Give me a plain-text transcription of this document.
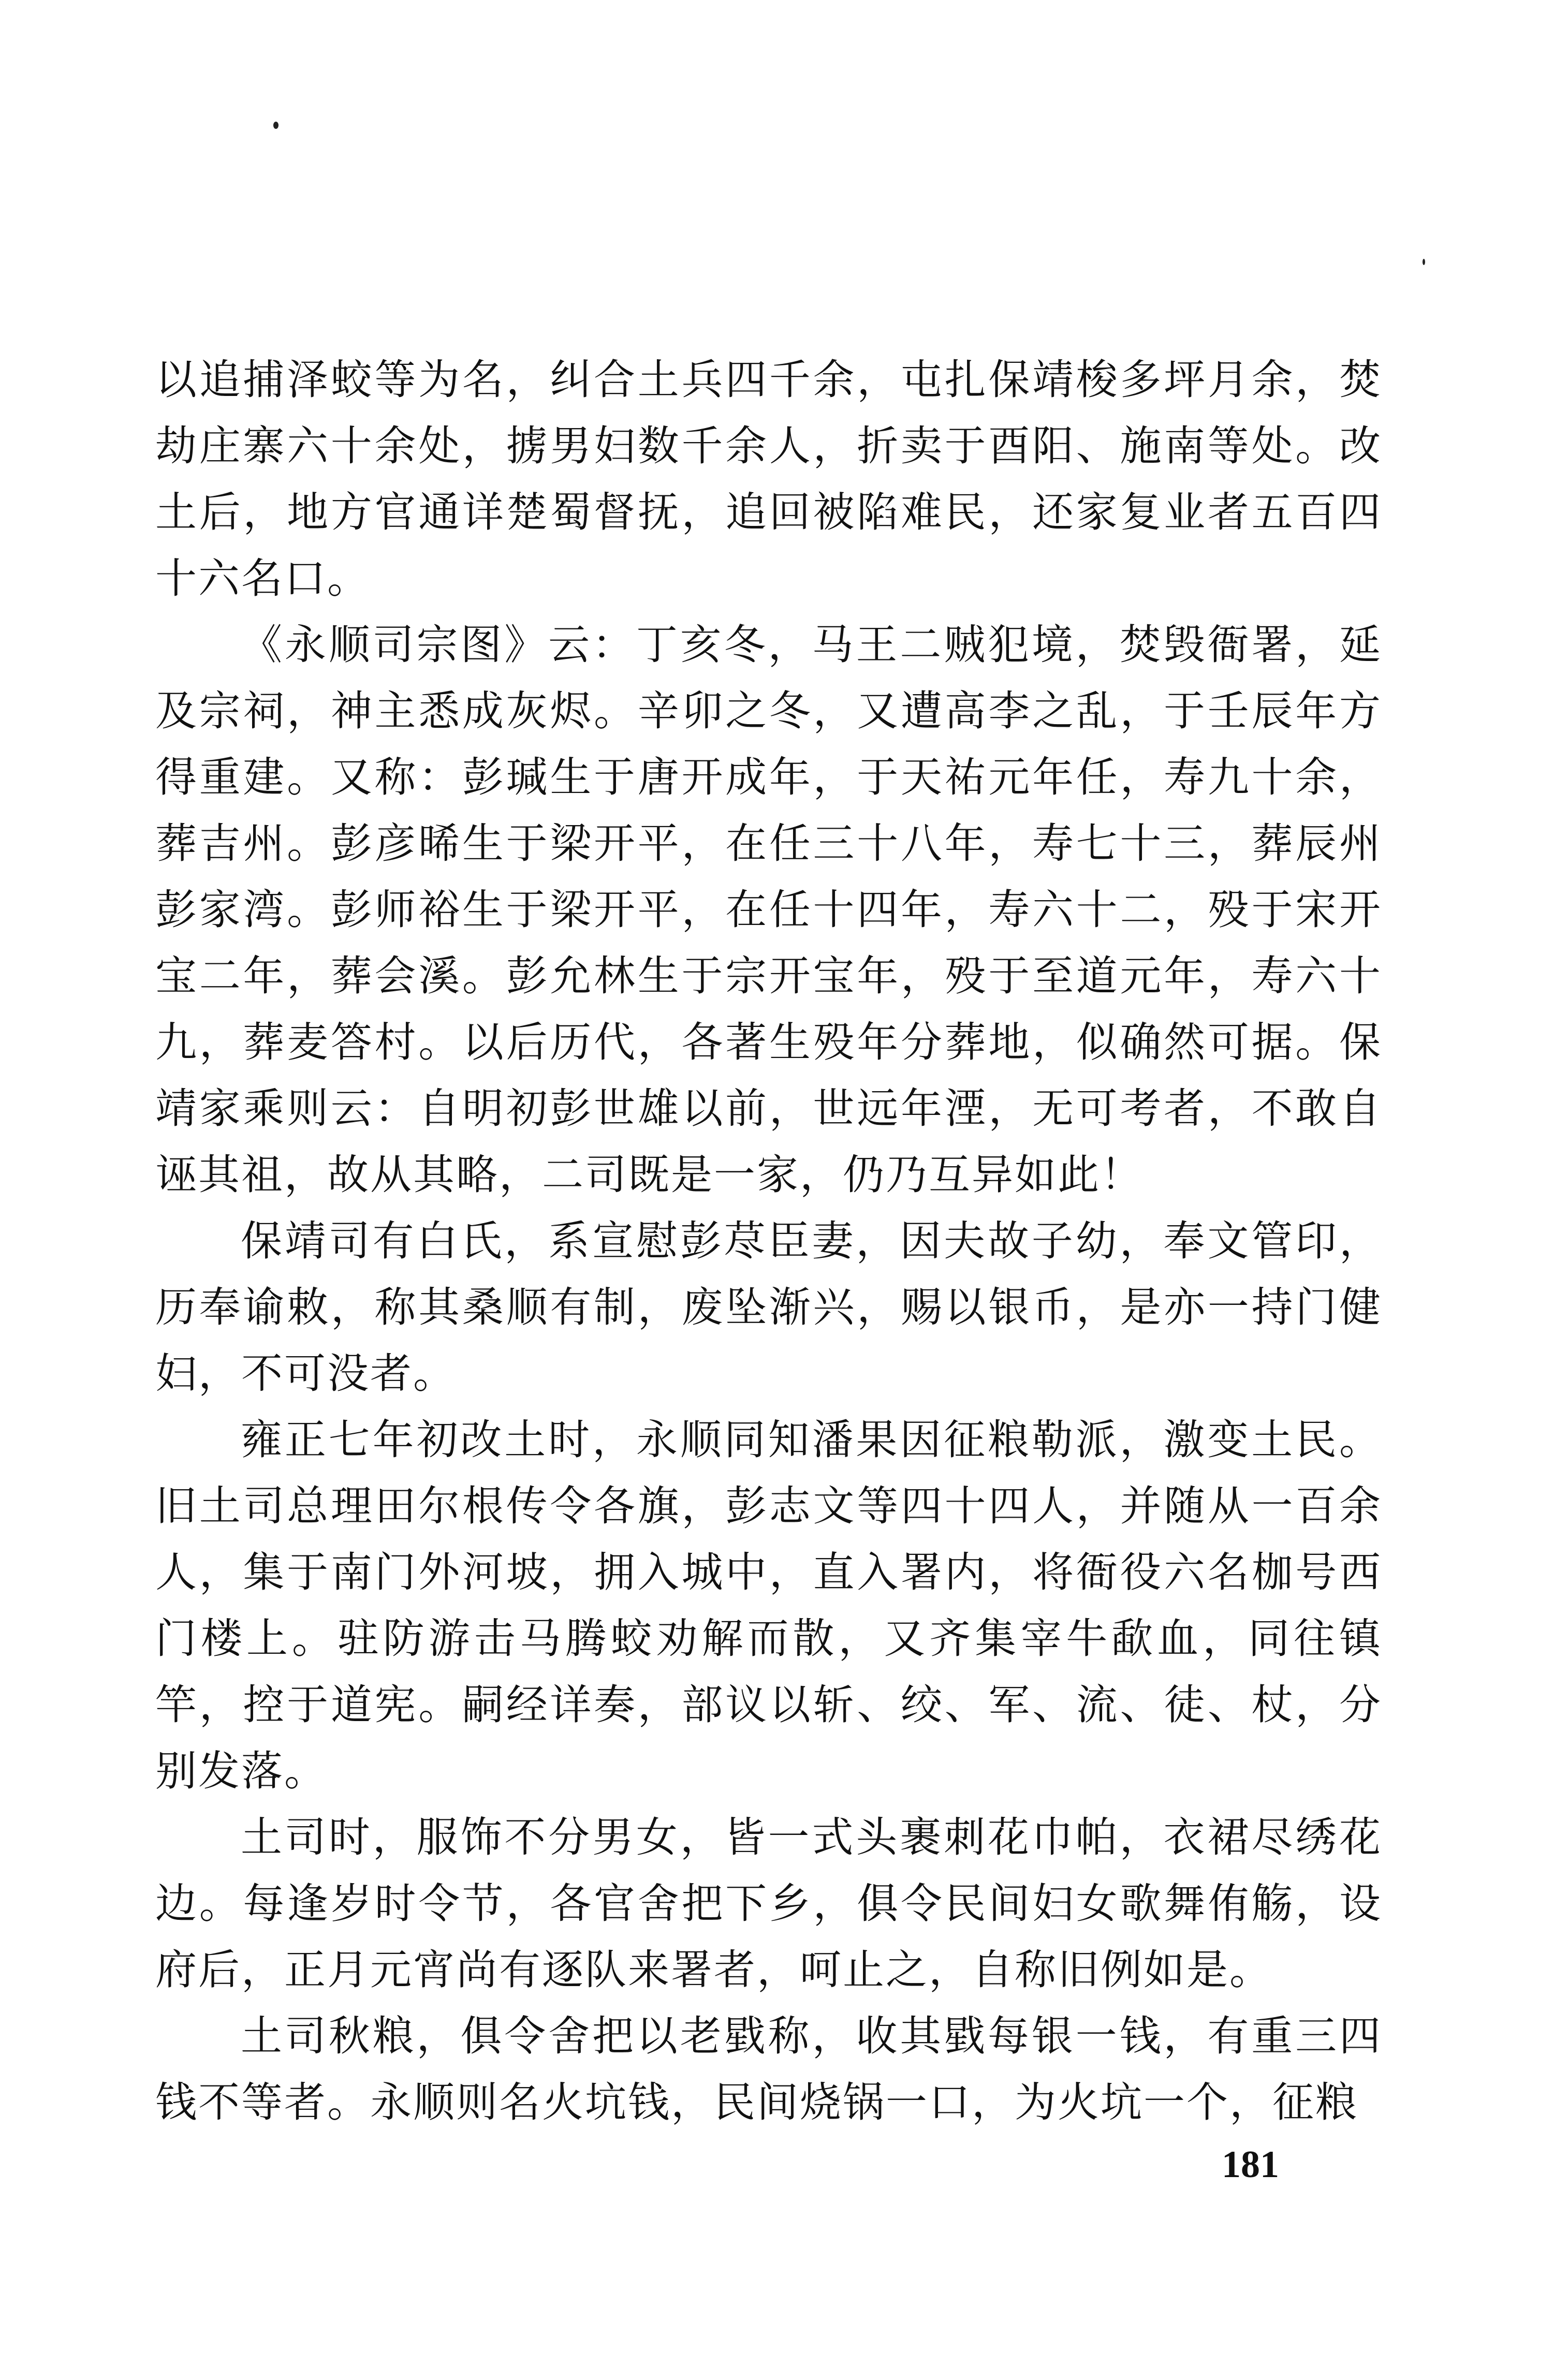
以追捕泽蛟等为名，纠合土兵四千余，屯扎保靖梭多坪月余，焚劫庄寨六十余处，掳男妇数千余人，折卖于酉阳、施南等处。改土后，地方官通详楚蜀督抚，追回被陷难民，还家复业者五百四十六名口。

《永顺司宗图》云：丁亥冬，马王二贼犯境，焚毁衙署，延及宗祠，神主悉成灰烬。辛卯之冬，又遭高李之乱，于壬辰年方得重建。又称：彭瑊生于唐开成年，于天祐元年任，寿九十余，葬吉州。彭彦晞生于梁开平，在任三十八年，寿七十三，葬辰州彭家湾。彭师裕生于梁开平，在任十四年，寿六十二，殁于宋开宝二年，葬会溪。彭允林生于宗开宝年，殁于至道元年，寿六十九，葬麦答村。以后历代，各著生殁年分葬地，似确然可据。保靖家乘则云：自明初彭世雄以前，世远年湮，无可考者，不敢自诬其祖，故从其略，二司既是一家，仍乃互异如此！

保靖司有白氏，系宣慰彭荩臣妻，因夫故子幼，奉文管印，历奉谕敕，称其桑顺有制，废坠渐兴，赐以银币，是亦一持门健妇，不可没者。

雍正七年初改土时，永顺同知潘果因征粮勒派，激变土民。旧土司总理田尔根传令各旗，彭志文等四十四人，并随从一百余人，集于南门外河坡，拥入城中，直入署内，将衙役六名枷号西门楼上。驻防游击马腾蛟劝解而散，又齐集宰牛歃血，同往镇竿，控于道宪。嗣经详奏，部议以斩、绞、军、流、徒、杖，分别发落。

土司时，服饰不分男女，皆一式头裹刺花巾帕，衣裙尽绣花边。每逢岁时令节，各官舍把下乡，俱令民间妇女歌舞侑觞，设府后，正月元宵尚有逐队来署者，呵止之，自称旧例如是。

土司秋粮，俱令舍把以老戥称，收其戥每银一钱，有重三四钱不等者。永顺则名火坑钱，民间烧锅一口，为火坑一个，征粮

181
